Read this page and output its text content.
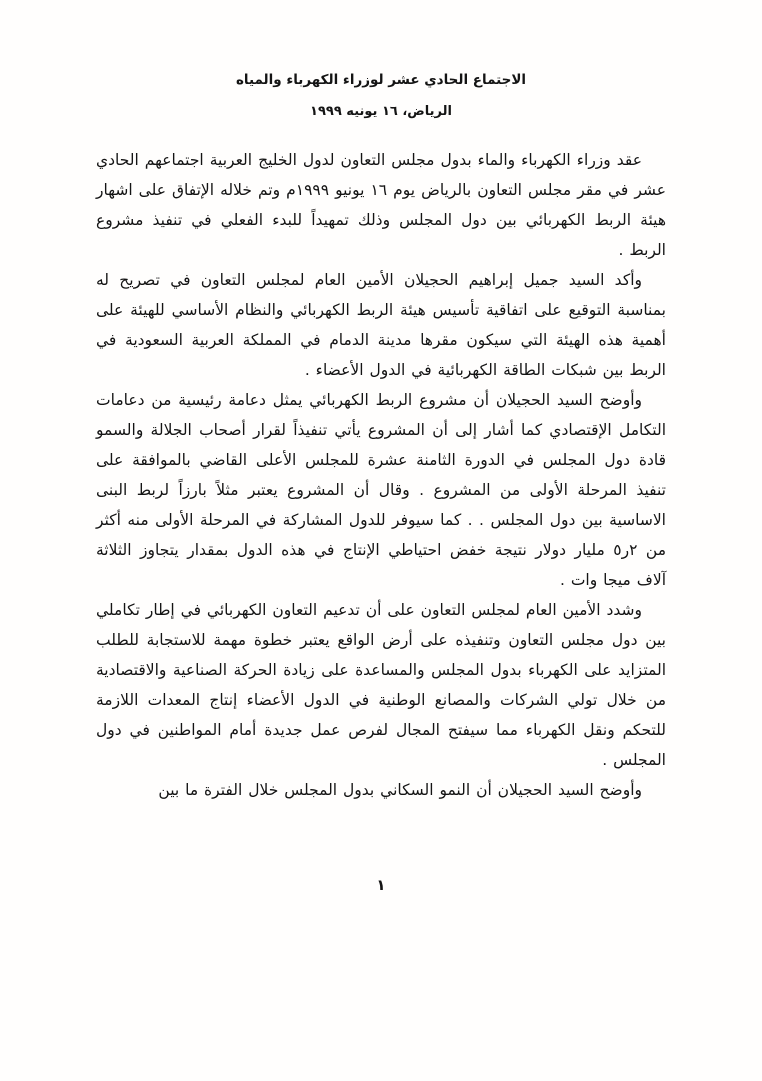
الاجتماع الحادي عشر لوزراء الكهرباء والمياه
الرياض، ١٦ يونيه ١٩٩٩

عقد وزراء الكهرباء والماء بدول مجلس التعاون لدول الخليج العربية اجتماعهم الحادي عشر في مقر مجلس التعاون بالرياض يوم ١٦ يونيو ١٩٩٩م وتم خلاله الإتفاق على اشهار هيئة الربط الكهربائي بين دول المجلس وذلك تمهيداً للبدء الفعلي في تنفيذ مشروع الربط .

وأكد السيد جميل إبراهيم الحجيلان الأمين العام لمجلس التعاون في تصريح له بمناسبة التوقيع على اتفاقية تأسيس هيئة الربط الكهربائي والنظام الأساسي للهيئة على أهمية هذه الهيئة التي سيكون مقرها مدينة الدمام في المملكة العربية السعودية في الربط بين شبكات الطاقة الكهربائية في الدول الأعضاء .

وأوضح السيد الحجيلان أن مشروع الربط الكهربائي يمثل دعامة رئيسية من دعامات التكامل الإقتصادي كما أشار إلى أن المشروع يأتي تنفيذاً لقرار أصحاب الجلالة والسمو قادة دول المجلس في الدورة الثامنة عشرة للمجلس الأعلى القاضي بالموافقة على تنفيذ المرحلة الأولى من المشروع . وقال أن المشروع يعتبر مثلاً بارزاً لربط البنى الاساسية بين دول المجلس . . كما سيوفر للدول المشاركة في المرحلة الأولى منه أكثر من ٢ر٥ مليار دولار نتيجة خفض احتياطي الإنتاج في هذه الدول بمقدار يتجاوز الثلاثة آلاف ميجا وات .

وشدد الأمين العام لمجلس التعاون على أن تدعيم التعاون الكهربائي في إطار تكاملي بين دول مجلس التعاون وتنفيذه على أرض الواقع يعتبر خطوة مهمة للاستجابة للطلب المتزايد على الكهرباء بدول المجلس والمساعدة على زيادة الحركة الصناعية والاقتصادية من خلال تولي الشركات والمصانع الوطنية في الدول الأعضاء إنتاج المعدات اللازمة للتحكم ونقل الكهرباء مما سيفتح المجال لفرص عمل جديدة أمام المواطنين في دول المجلس .

وأوضح السيد الحجيلان أن النمو السكاني بدول المجلس خلال الفترة ما بين

١
